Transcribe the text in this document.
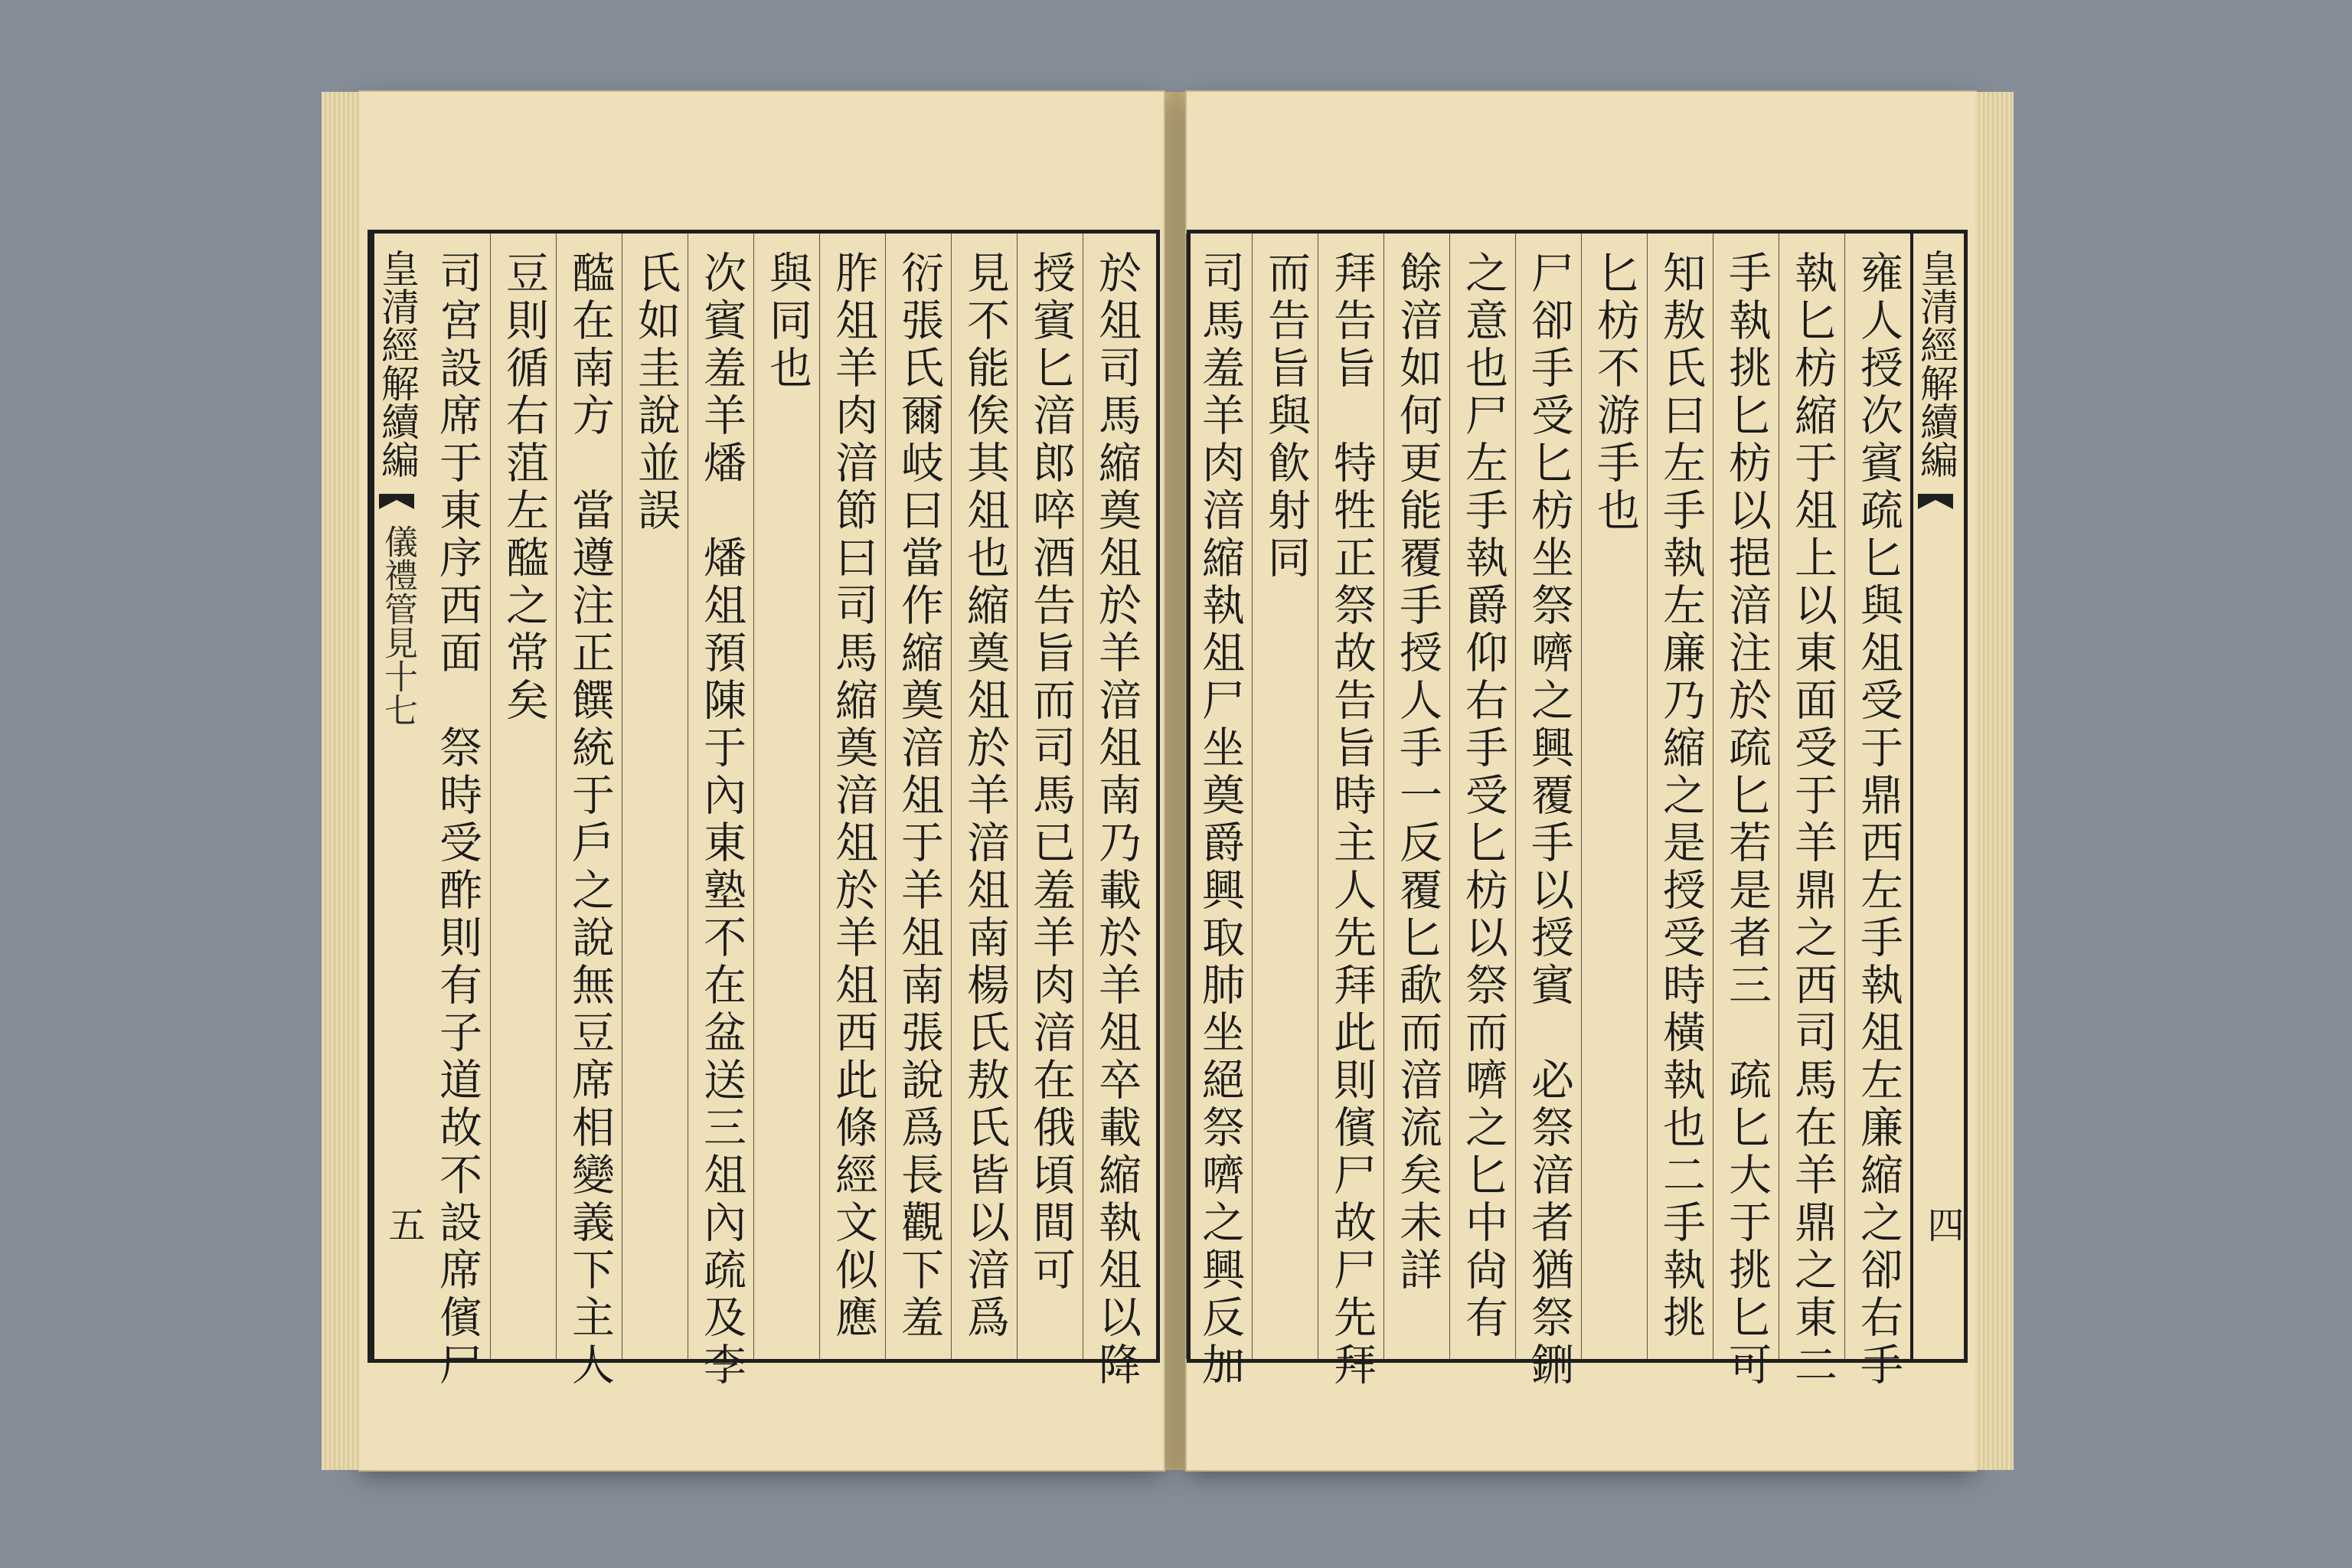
於俎司馬縮奠俎於羊湆俎南乃載於羊俎卒載縮執俎以降
授賓匕湆郎啐酒告旨而司馬已羞羊肉湆在俄頃間可
見不能俟其俎也縮奠俎於羊湆俎南楊氏敖氏皆以湆爲
衍張氏爾岐曰當作縮奠湆俎于羊俎南張說爲長觀下羞
胙俎羊肉湆節曰司馬縮奠湆俎於羊俎西此條經文似應
與同也
次賓羞羊燔　燔俎預陳于內東塾不在盆送三俎內疏及李
氏如圭說並誤
醓在南方　當遵注正饌統于戶之說無豆席相變義下主人
豆則循右菹左醓之常矣
司宮設席于東序西面　祭時受酢則有子道故不設席儐尸
皇清經解續編
儀禮管見十七
五	雍人授次賓疏匕與俎受于鼎西左手執俎左廉縮之卻右手
執匕枋縮于俎上以東面受于羊鼎之西司馬在羊鼎之東二
手執挑匕枋以挹湆注於疏匕若是者三　疏匕大于挑匕可
知敖氏曰左手執左廉乃縮之是授受時橫執也二手執挑
匕枋不游手也
尸卻手受匕枋坐祭嚌之興覆手以授賓　必祭湆者猶祭鉶
之意也尸左手執爵仰右手受匕枋以祭而嚌之匕中尙有
餘湆如何更能覆手授人手一反覆匕歃而湆流矣未詳
拜告旨　特牲正祭故告旨時主人先拜此則儐尸故尸先拜
而告旨與飮射同
司馬羞羊肉湆縮執俎尸坐奠爵興取肺坐絕祭嚌之興反加	皇清經解續編
四
